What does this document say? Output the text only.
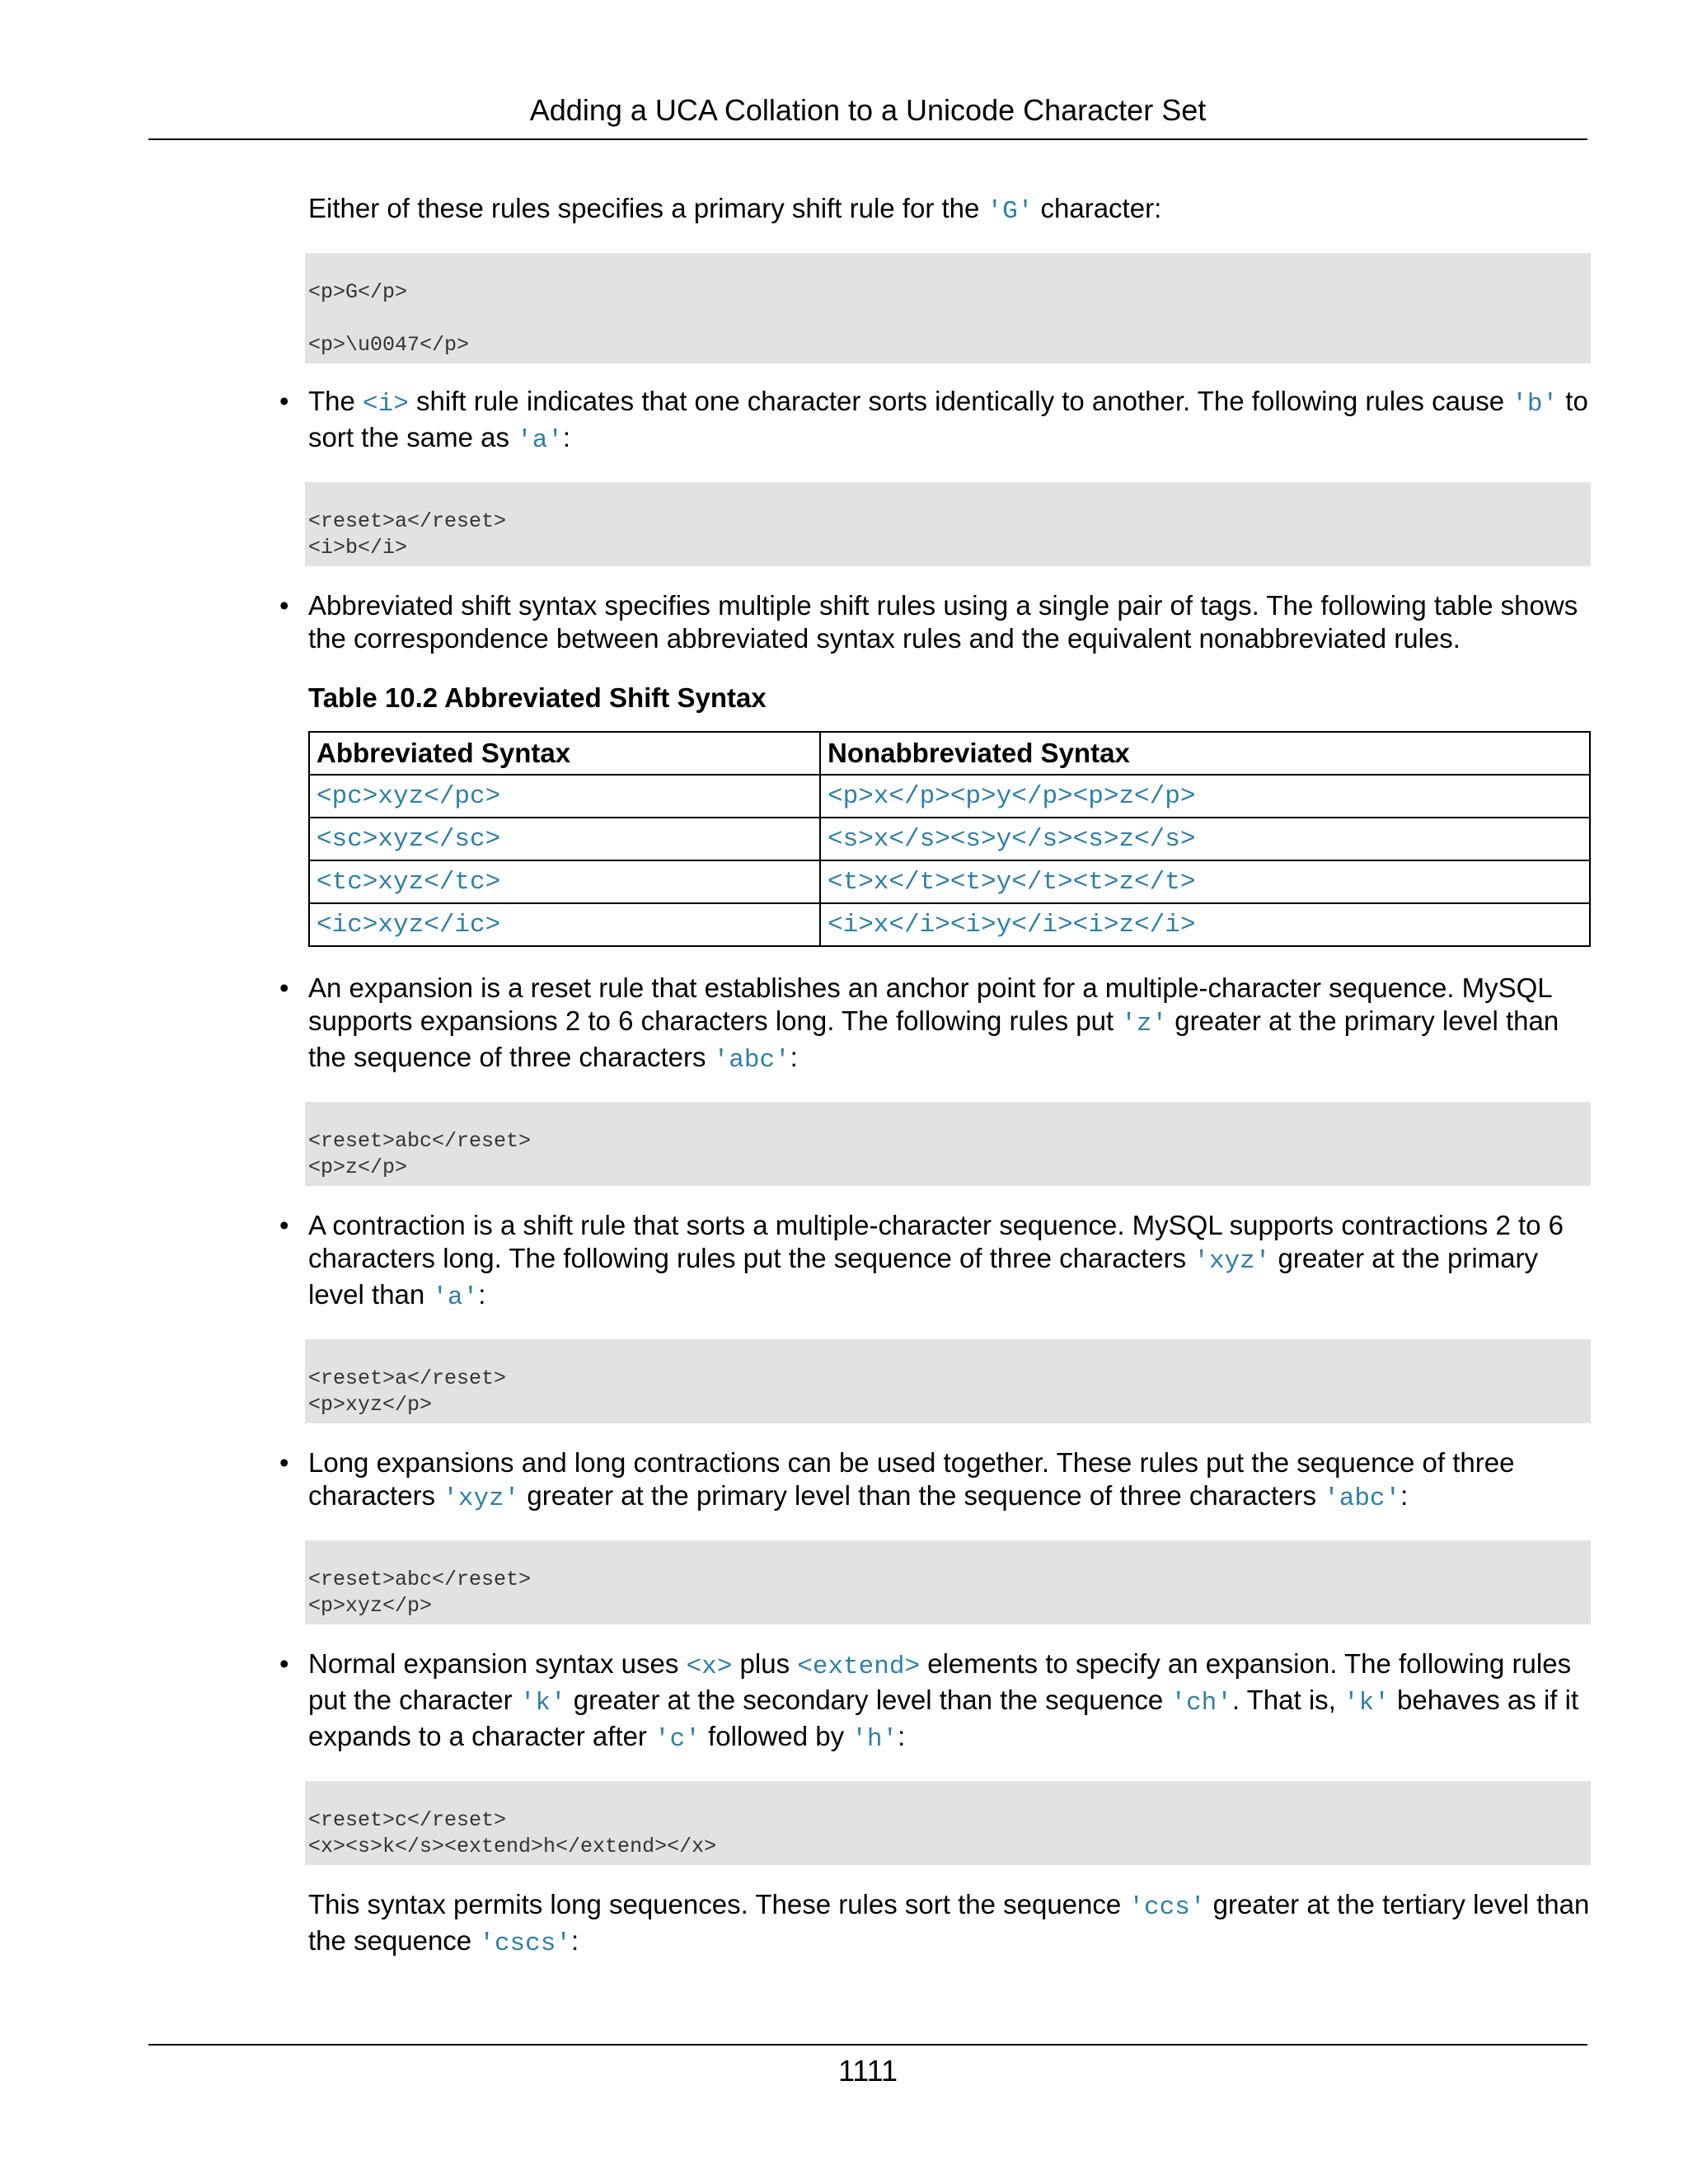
Adding a UCA Collation to a Unicode Character Set

Either of these rules specifies a primary shift rule for the 'G' character:

<p>G</p>
<p>\u0047</p>
• The <i> shift rule indicates that one character sorts identically to another. The following rules cause 'b' to sort the same as 'a':

<reset>a</reset>
<i>b</i>
• Abbreviated shift syntax specifies multiple shift rules using a single pair of tags. The following table shows the correspondence between abbreviated syntax rules and the equivalent nonabbreviated rules.

Table 10.2 Abbreviated Shift Syntax
Abbreviated Syntax	Nonabbreviated Syntax
<pc>xyz</pc>	<p>x</p><p>y</p><p>z</p>
<sc>xyz</sc>	<s>x</s><s>y</s><s>z</s>
<tc>xyz</tc>	<t>x</t><t>y</t><t>z</t>
<ic>xyz</ic>	<i>x</i><i>y</i><i>z</i>
• An expansion is a reset rule that establishes an anchor point for a multiple-character sequence. MySQL supports expansions 2 to 6 characters long. The following rules put 'z' greater at the primary level than the sequence of three characters 'abc':

<reset>abc</reset>
<p>z</p>
• A contraction is a shift rule that sorts a multiple-character sequence. MySQL supports contractions 2 to 6 characters long. The following rules put the sequence of three characters 'xyz' greater at the primary level than 'a':

<reset>a</reset>
<p>xyz</p>
• Long expansions and long contractions can be used together. These rules put the sequence of three characters 'xyz' greater at the primary level than the sequence of three characters 'abc':

<reset>abc</reset>
<p>xyz</p>
• Normal expansion syntax uses <x> plus <extend> elements to specify an expansion. The following rules put the character 'k' greater at the secondary level than the sequence 'ch'. That is, 'k' behaves as if it expands to a character after 'c' followed by 'h':

<reset>c</reset>
<x><s>k</s><extend>h</extend></x>

This syntax permits long sequences. These rules sort the sequence 'ccs' greater at the tertiary level than the sequence 'cscs':

1111
